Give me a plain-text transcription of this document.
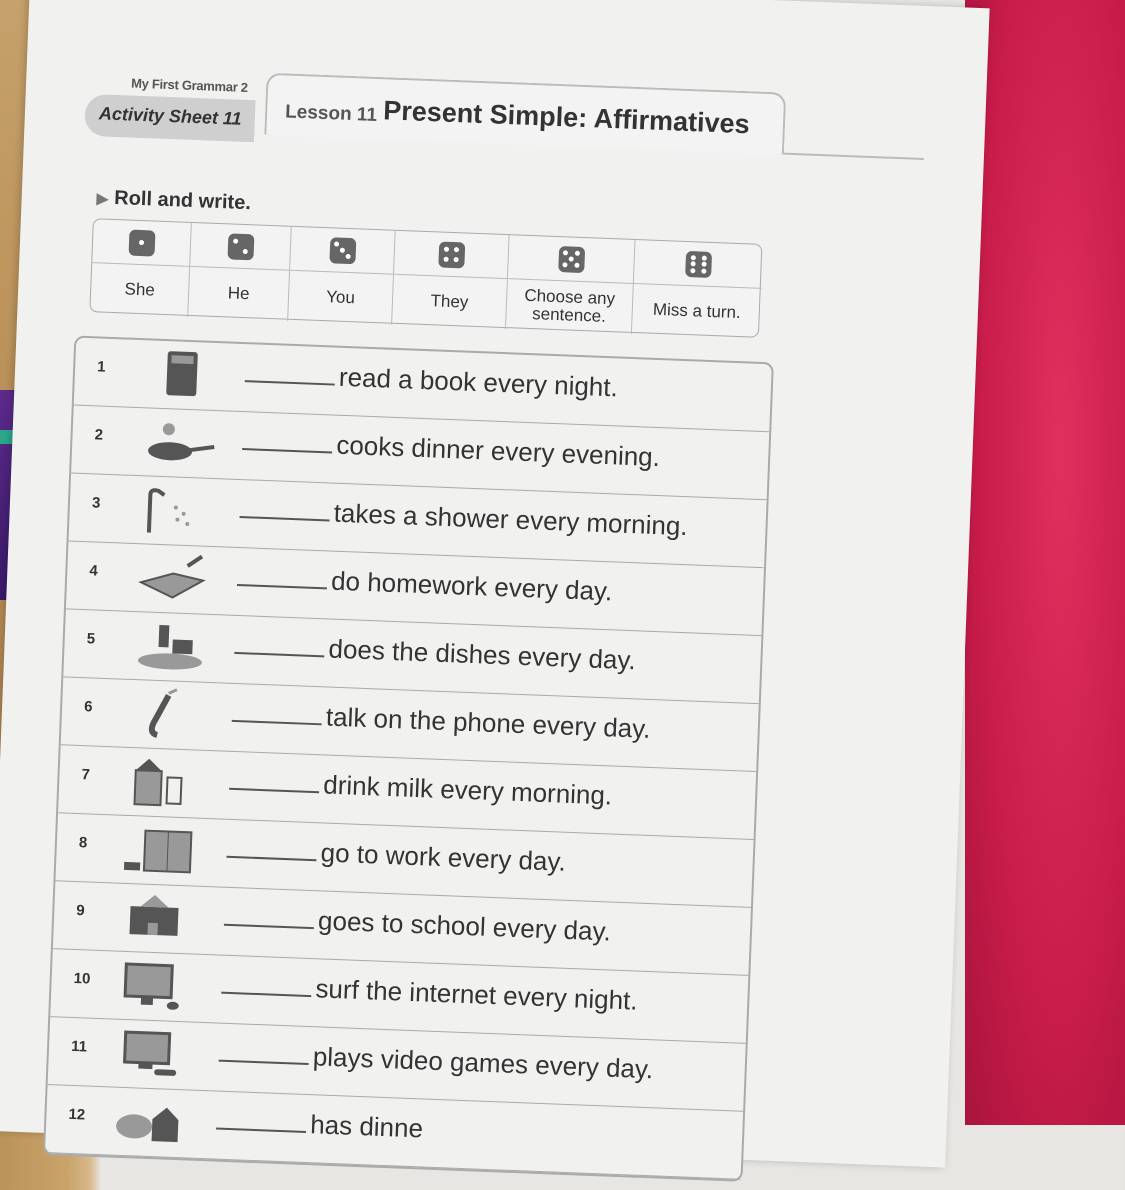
My First Grammar 2
Activity Sheet 11 Lesson 11 Present Simple: Affirmatives
▶ Roll and write.
She	He	You	They	Choose any sentence.	Miss a turn.
1	read a book every night.
2	cooks dinner every evening.
3	takes a shower every morning.
4	do homework every day.
5	does the dishes every day.
6	talk on the phone every day.
7	drink milk every morning.
8	go to work every day.
9	goes to school every day.
10	surf the internet every night.
11	plays video games every day.
12	has dinne
